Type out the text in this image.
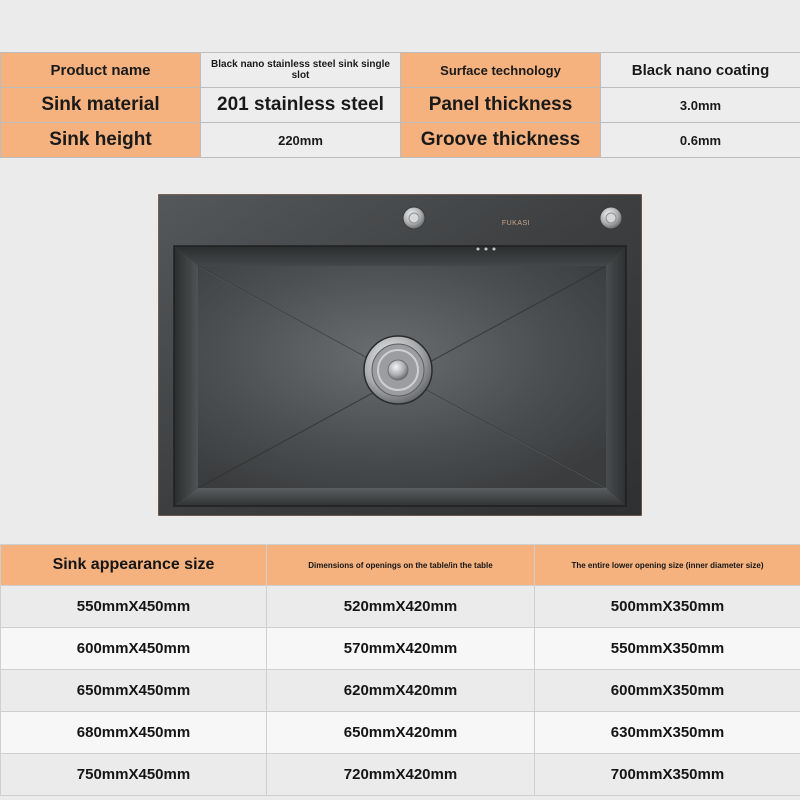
Product name	Black nano stainless steel sink single slot	Surface technology	Black nano coating
Sink material	201 stainless steel	Panel thickness	3.0mm
Sink height	220mm	Groove thickness	0.6mm
FUKASI
Sink appearance size	Dimensions of openings on the table/in the table	The entire lower opening size (inner diameter size)
550mmX450mm	520mmX420mm	500mmX350mm
600mmX450mm	570mmX420mm	550mmX350mm
650mmX450mm	620mmX420mm	600mmX350mm
680mmX450mm	650mmX420mm	630mmX350mm
750mmX450mm	720mmX420mm	700mmX350mm
